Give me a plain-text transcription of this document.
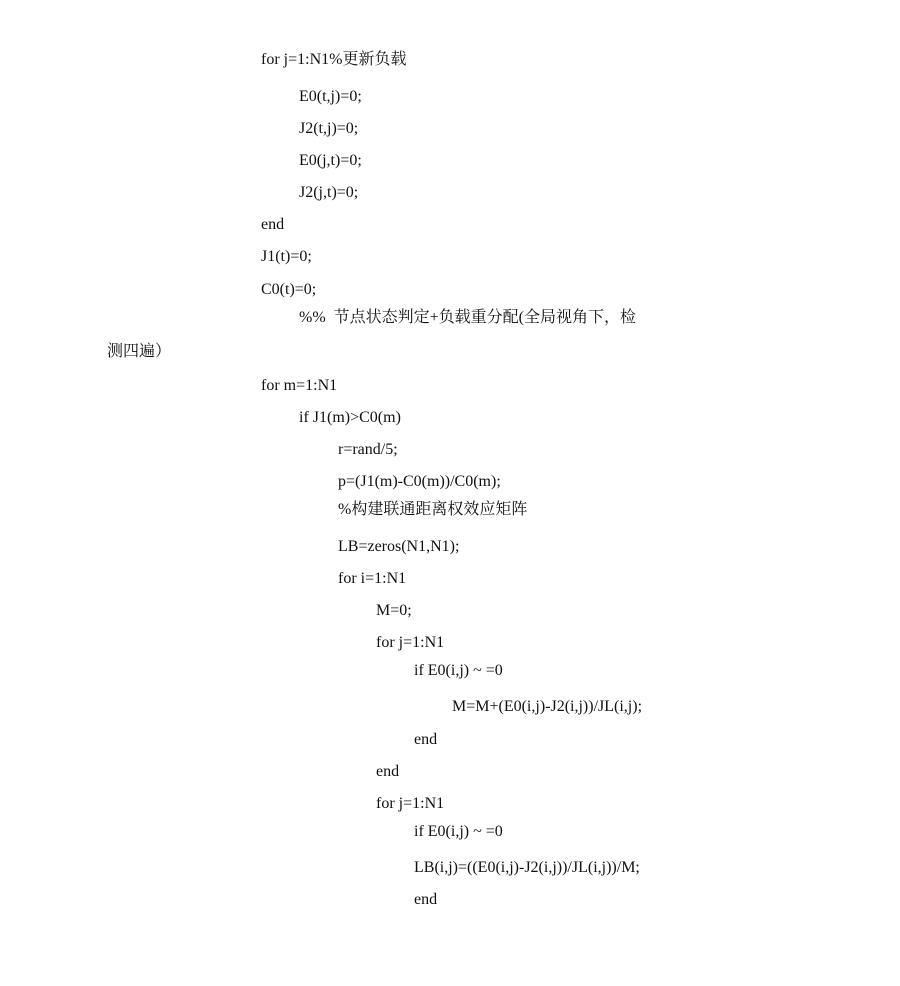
for j=1:N1%更新负载
E0(t,j)=0;
J2(t,j)=0;
E0(j,t)=0;
J2(j,t)=0;
end
J1(t)=0;
C0(t)=0;
%%  节点状态判定+负载重分配(全局视角下，检
测四遍）
for m=1:N1
if J1(m)>C0(m)
r=rand/5;
p=(J1(m)-C0(m))/C0(m);
%构建联通距离权效应矩阵
LB=zeros(N1,N1);
for i=1:N1
M=0;
for j=1:N1
if E0(i,j) ~ =0
M=M+(E0(i,j)-J2(i,j))/JL(i,j);
end
end
for j=1:N1
if E0(i,j) ~ =0
LB(i,j)=((E0(i,j)-J2(i,j))/JL(i,j))/M;
end
